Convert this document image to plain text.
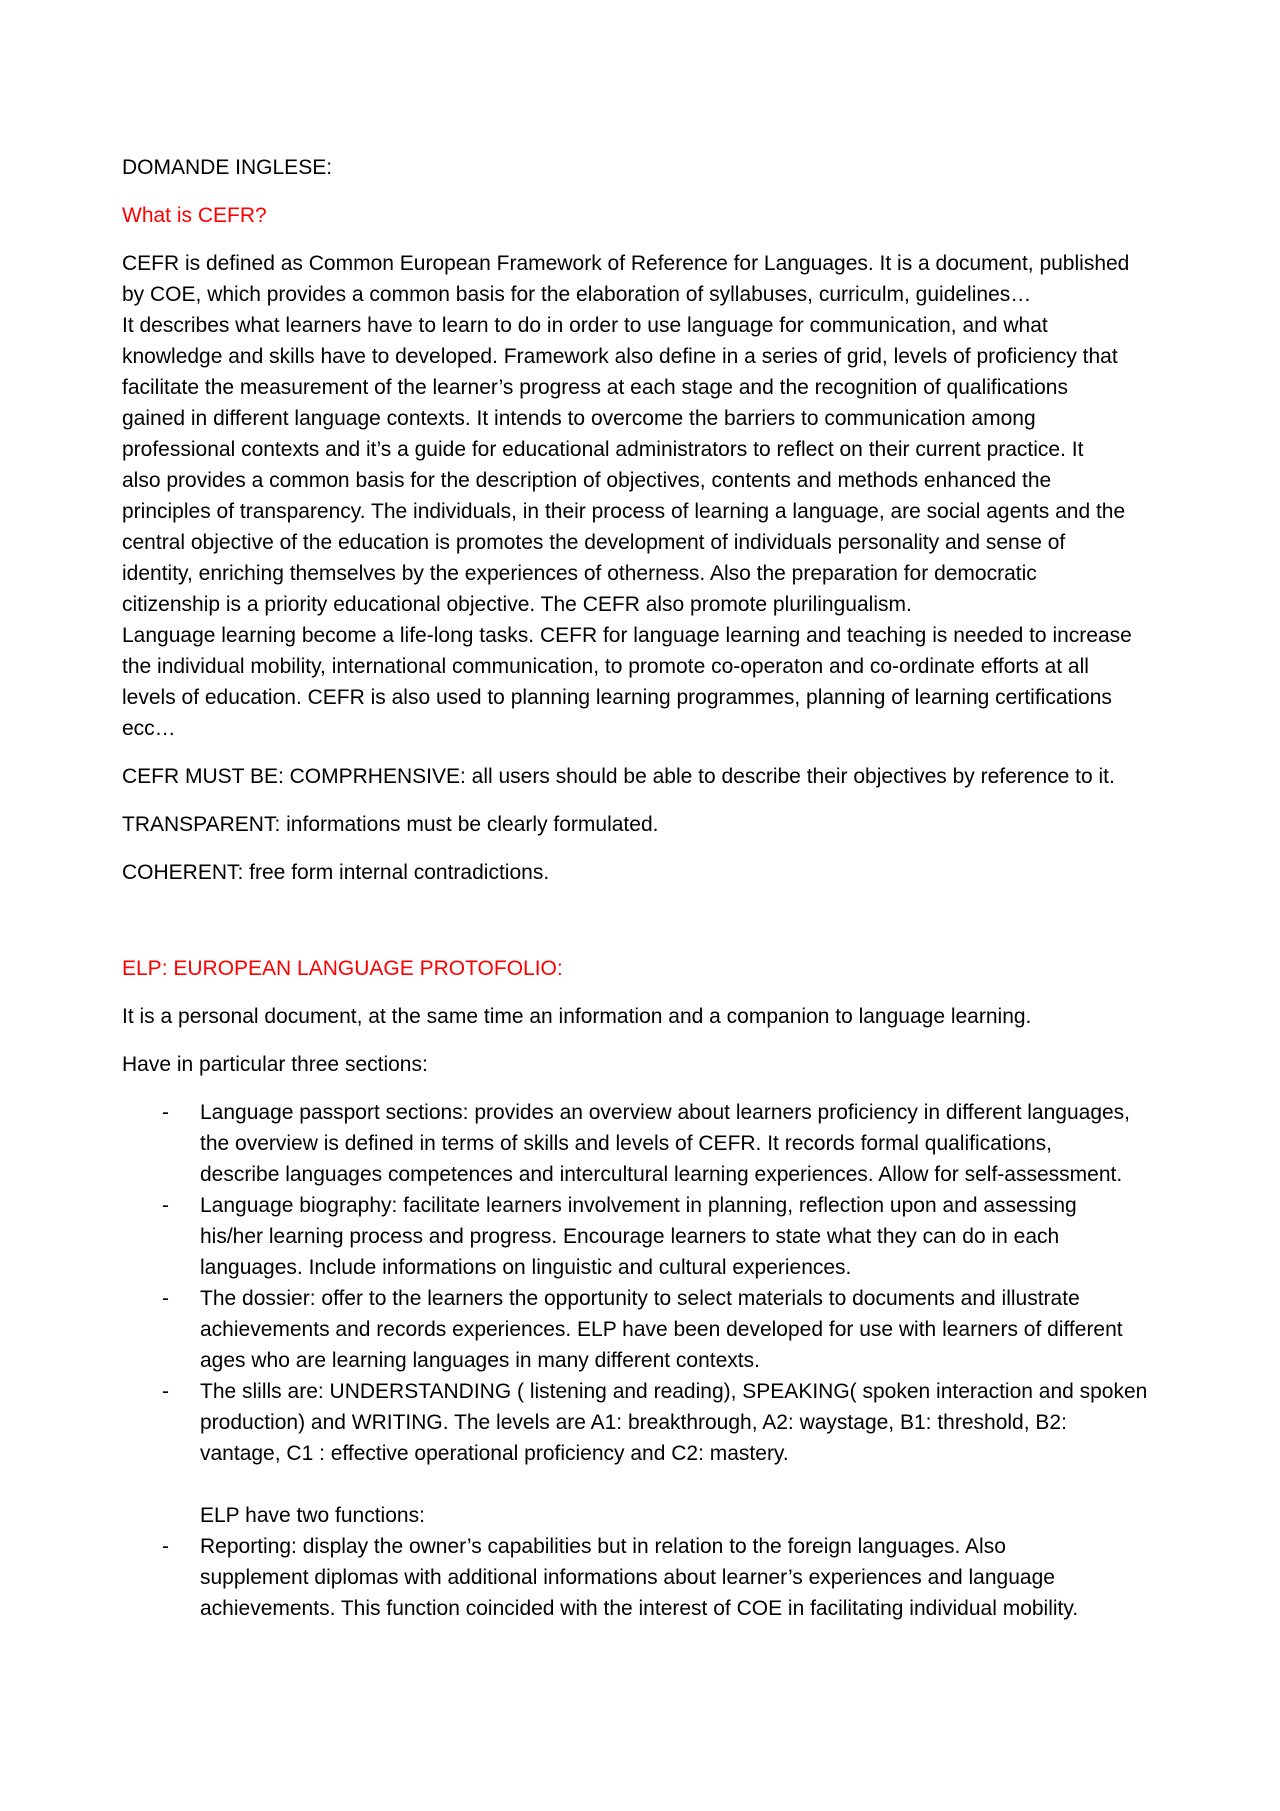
DOMANDE INGLESE:
What is CEFR?
CEFR is defined as Common European Framework of Reference for Languages. It is a document, published
by COE, which provides a common basis for the elaboration of syllabuses, curriculm, guidelines…
It describes what learners have to learn to do in order to use language for communication, and what
knowledge and skills have to developed. Framework also define in a series of grid, levels of proficiency that
facilitate the measurement of the learner’s progress at each stage and the recognition of qualifications
gained in different language contexts. It intends to overcome the barriers to communication among
professional contexts and it’s a guide for educational administrators to reflect on their current practice. It
also provides a common basis for the description of objectives, contents and methods enhanced the
principles of transparency. The individuals, in their process of learning a language, are social agents and the
central objective of the education is promotes the development of individuals personality and sense of
identity, enriching themselves by the experiences of otherness. Also the preparation for democratic
citizenship is a priority educational objective. The CEFR also promote plurilingualism.
Language learning become a life-long tasks. CEFR for language learning and teaching is needed to increase
the individual mobility, international communication, to promote co-operaton and co-ordinate efforts at all
levels of education. CEFR is also used to planning learning programmes, planning of learning certifications
ecc…
CEFR MUST BE: COMPRHENSIVE: all users should be able to describe their objectives by reference to it.
TRANSPARENT: informations must be clearly formulated.
COHERENT: free form internal contradictions.
ELP: EUROPEAN LANGUAGE PROTOFOLIO:
It is a personal document, at the same time an information and a companion to language learning.
Have in particular three sections:
- Language passport sections: provides an overview about learners proficiency in different languages,
the overview is defined in terms of skills and levels of CEFR. It records formal qualifications,
describe languages competences and intercultural learning experiences. Allow for self-assessment.
- Language biography: facilitate learners involvement in planning, reflection upon and assessing
his/her learning process and progress. Encourage learners to state what they can do in each
languages. Include informations on linguistic and cultural experiences.
- The dossier: offer to the learners the opportunity to select materials to documents and illustrate
achievements and records experiences. ELP have been developed for use with learners of different
ages who are learning languages in many different contexts.
- The slills are: UNDERSTANDING ( listening and reading), SPEAKING( spoken interaction and spoken
production) and WRITING. The levels are A1: breakthrough, A2: waystage, B1: threshold, B2:
vantage, C1 : effective operational proficiency and C2: mastery.
ELP have two functions:
- Reporting: display the owner’s capabilities but in relation to the foreign languages. Also
supplement diplomas with additional informations about learner’s experiences and language
achievements. This function coincided with the interest of COE in facilitating individual mobility.
